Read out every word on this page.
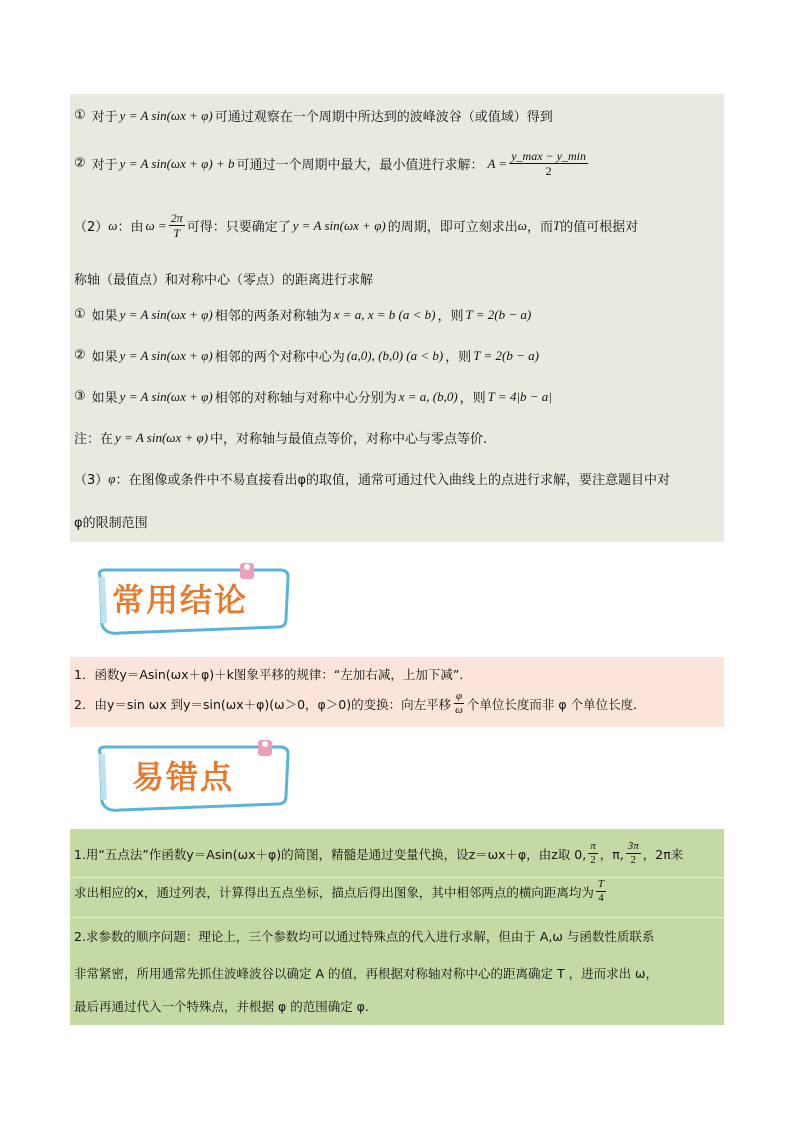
① 对于 y = A sin(ωx + φ) 可通过观察在一个周期中所达到的波峰波谷（或值域）得到
② 对于 y = A sin(ωx + φ) + b 可通过一个周期中最大，最小值进行求解： $A = \frac{y\_\max - y\_\min}{2}$
（2） ω ：由 $\omega = \frac{2\pi}{T}$ 可得：只要确定了 y = A sin(ωx + φ) 的周期，即可立刻求出 ω ，而 T 的值可根据对
称轴（最值点）和对称中心（零点）的距离进行求解
① 如果 y = A sin(ωx + φ) 相邻的两条对称轴为 x = a, x = b (a < b) ，则 T = 2(b − a)
② 如果 y = A sin(ωx + φ) 相邻的两个对称中心为 (a,0), (b,0) (a < b) ，则 T = 2(b − a)
③ 如果 y = A sin(ωx + φ) 相邻的对称轴与对称中心分别为 x = a, (b,0) ，则 T = 4|b − a|
注：在 y = A sin(ωx + φ) 中，对称轴与最值点等价，对称中心与零点等价.
（3） φ ：在图像或条件中不易直接看出φ的取值，通常可通过代入曲线上的点进行求解，要注意题目中对
φ的限制范围
常用结论
1．函数y＝Asin(ωx＋φ)＋k图象平移的规律：“左加右减，上加下减”．
2．由y＝sin ωx 到y＝sin(ωx＋φ)(ω＞0，φ＞0)的变换：向左平移 $\frac{\varphi}{\omega}$ 个单位长度而非 φ 个单位长度．
易错点
1.用“五点法”作函数y＝Asin(ωx＋φ)的简图，精髓是通过变量代换，设z＝ωx＋φ，由z取 0, $\frac{\pi}{2}$ ，π, $\frac{3\pi}{2}$ ，2π来
求出相应的x，通过列表，计算得出五点坐标，描点后得出图象，其中相邻两点的横向距离均为 $\frac{T}{4}$
2.求参数的顺序问题：理论上，三个参数均可以通过特殊点的代入进行求解，但由于 A,ω 与函数性质联系
非常紧密，所用通常先抓住波峰波谷以确定 A 的值，再根据对称轴对称中心的距离确定 T ，进而求出 ω，
最后再通过代入一个特殊点，并根据 φ 的范围确定 φ.
